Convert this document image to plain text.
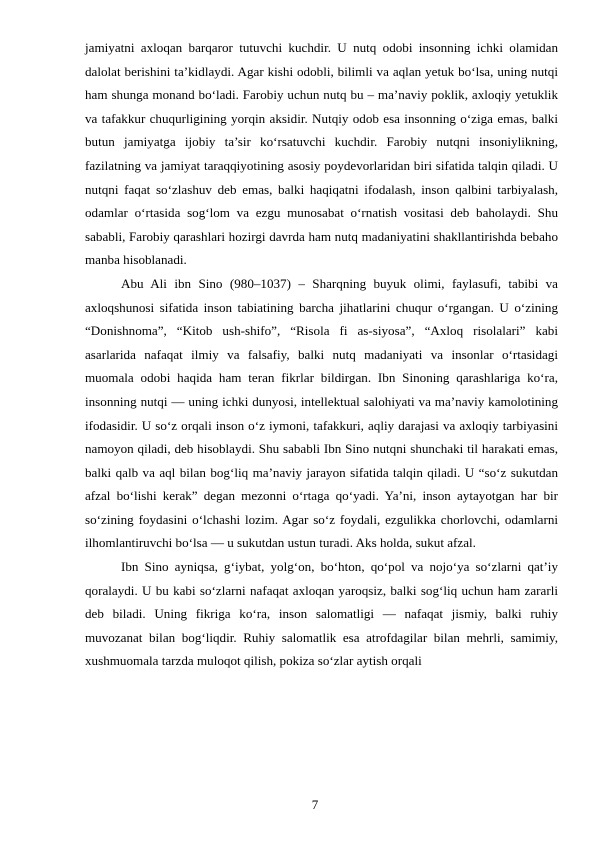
jamiyatni axloqan barqaror tutuvchi kuchdir. U nutq odobi insonning ichki olamidan dalolat berishini ta’kidlaydi. Agar kishi odobli, bilimli va aqlan yetuk bo‘lsa, uning nutqi ham shunga monand bo‘ladi. Farobiy uchun nutq bu – ma’naviy poklik, axloqiy yetuklik va tafakkur chuqurligining yorqin aksidir. Nutqiy odob esa insonning o‘ziga emas, balki butun jamiyatga ijobiy ta’sir ko‘rsatuvchi kuchdir. Farobiy nutqni insoniylikning, fazilatning va jamiyat taraqqiyotining asosiy poydevorlaridan biri sifatida talqin qiladi. U nutqni faqat so‘zlashuv deb emas, balki haqiqatni ifodalash, inson qalbini tarbiyalash, odamlar o‘rtasida sog‘lom va ezgu munosabat o‘rnatish vositasi deb baholaydi. Shu sababli, Farobiy qarashlari hozirgi davrda ham nutq madaniyatini shakllantirishda bebaho manba hisoblanadi.

Abu Ali ibn Sino (980–1037) – Sharqning buyuk olimi, faylasufi, tabibi va axloqshunosi sifatida inson tabiatining barcha jihatlarini chuqur o‘rgangan. U o‘zining “Donishnoma”, “Kitob ush-shifo”, “Risola fi as-siyosa”, “Axloq risolalari” kabi asarlarida nafaqat ilmiy va falsafiy, balki nutq madaniyati va insonlar o‘rtasidagi muomala odobi haqida ham teran fikrlar bildirgan. Ibn Sinoning qarashlariga ko‘ra, insonning nutqi — uning ichki dunyosi, intellektual salohiyati va ma’naviy kamolotining ifodasidir. U so‘z orqali inson o‘z iymoni, tafakkuri, aqliy darajasi va axloqiy tarbiyasini namoyon qiladi, deb hisoblaydi. Shu sababli Ibn Sino nutqni shunchaki til harakati emas, balki qalb va aql bilan bog‘liq ma’naviy jarayon sifatida talqin qiladi. U “so‘z sukutdan afzal bo‘lishi kerak” degan mezonni o‘rtaga qo‘yadi. Ya’ni, inson aytayotgan har bir so‘zining foydasini o‘lchashi lozim. Agar so‘z foydali, ezgulikka chorlovchi, odamlarni ilhomlantiruvchi bo‘lsa — u sukutdan ustun turadi. Aks holda, sukut afzal.

Ibn Sino ayniqsa, g‘iybat, yolg‘on, bo‘hton, qo‘pol va nojo‘ya so‘zlarni qat’iy qoralaydi. U bu kabi so‘zlarni nafaqat axloqan yaroqsiz, balki sog‘liq uchun ham zararli deb biladi. Uning fikriga ko‘ra, inson salomatligi — nafaqat jismiy, balki ruhiy muvozanat bilan bog‘liqdir. Ruhiy salomatlik esa atrofdagilar bilan mehrli, samimiy, xushmuomala tarzda muloqot qilish, pokiza so‘zlar aytish orqali

7
